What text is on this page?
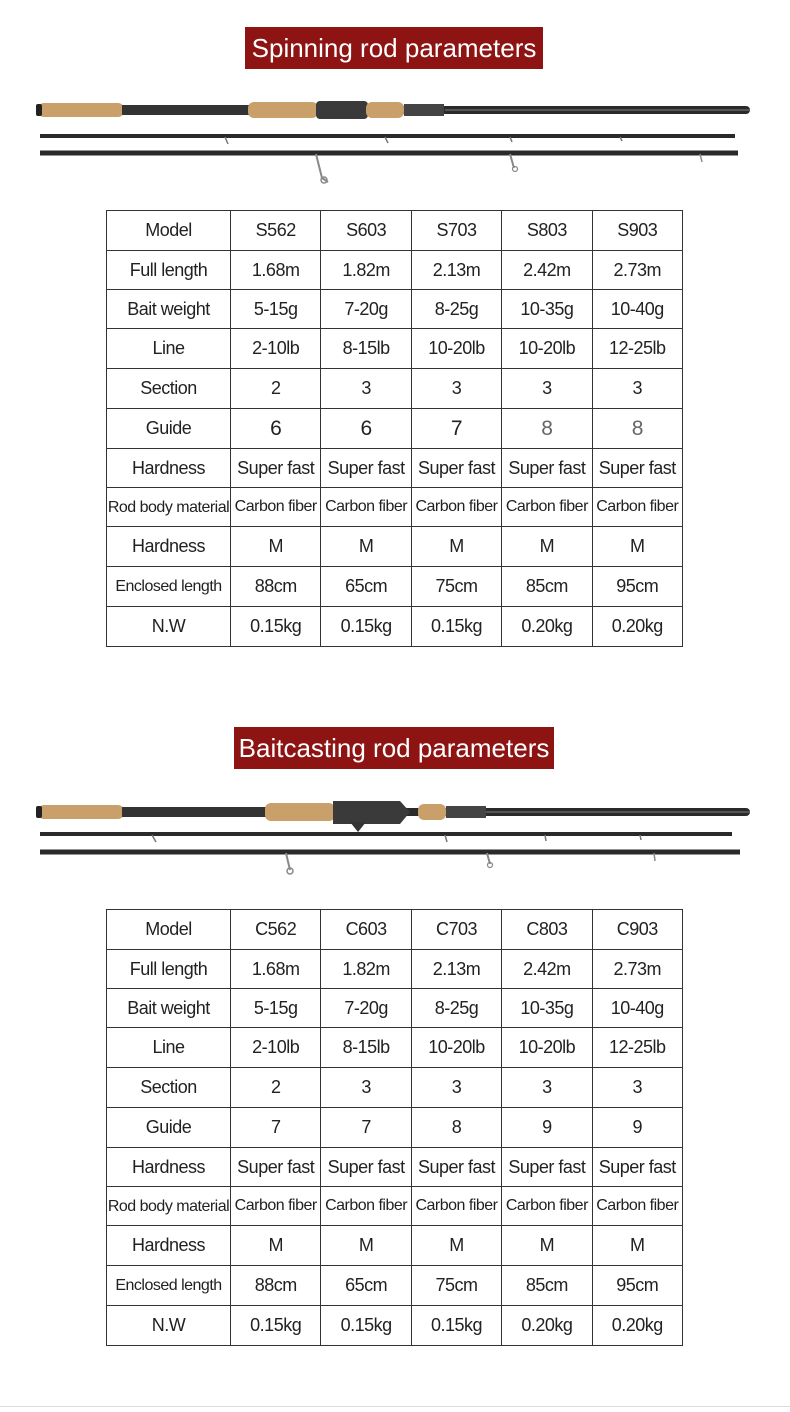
Spinning rod parameters
Model	S562	S603	S703	S803	S903
Full length	1.68m	1.82m	2.13m	2.42m	2.73m
Bait weight	5-15g	7-20g	8-25g	10-35g	10-40g
Line	2-10lb	8-15lb	10-20lb	10-20lb	12-25lb
Section	2	3	3	3	3
Guide	6	6	7	8	8
Hardness	Super fast	Super fast	Super fast	Super fast	Super fast
Rod body material	Carbon fiber	Carbon fiber	Carbon fiber	Carbon fiber	Carbon fiber
Hardness	M	M	M	M	M
Enclosed length	88cm	65cm	75cm	85cm	95cm
N.W	0.15kg	0.15kg	0.15kg	0.20kg	0.20kg
Baitcasting rod parameters
Model	C562	C603	C703	C803	C903
Full length	1.68m	1.82m	2.13m	2.42m	2.73m
Bait weight	5-15g	7-20g	8-25g	10-35g	10-40g
Line	2-10lb	8-15lb	10-20lb	10-20lb	12-25lb
Section	2	3	3	3	3
Guide	7	7	8	9	9
Hardness	Super fast	Super fast	Super fast	Super fast	Super fast
Rod body material	Carbon fiber	Carbon fiber	Carbon fiber	Carbon fiber	Carbon fiber
Hardness	M	M	M	M	M
Enclosed length	88cm	65cm	75cm	85cm	95cm
N.W	0.15kg	0.15kg	0.15kg	0.20kg	0.20kg
